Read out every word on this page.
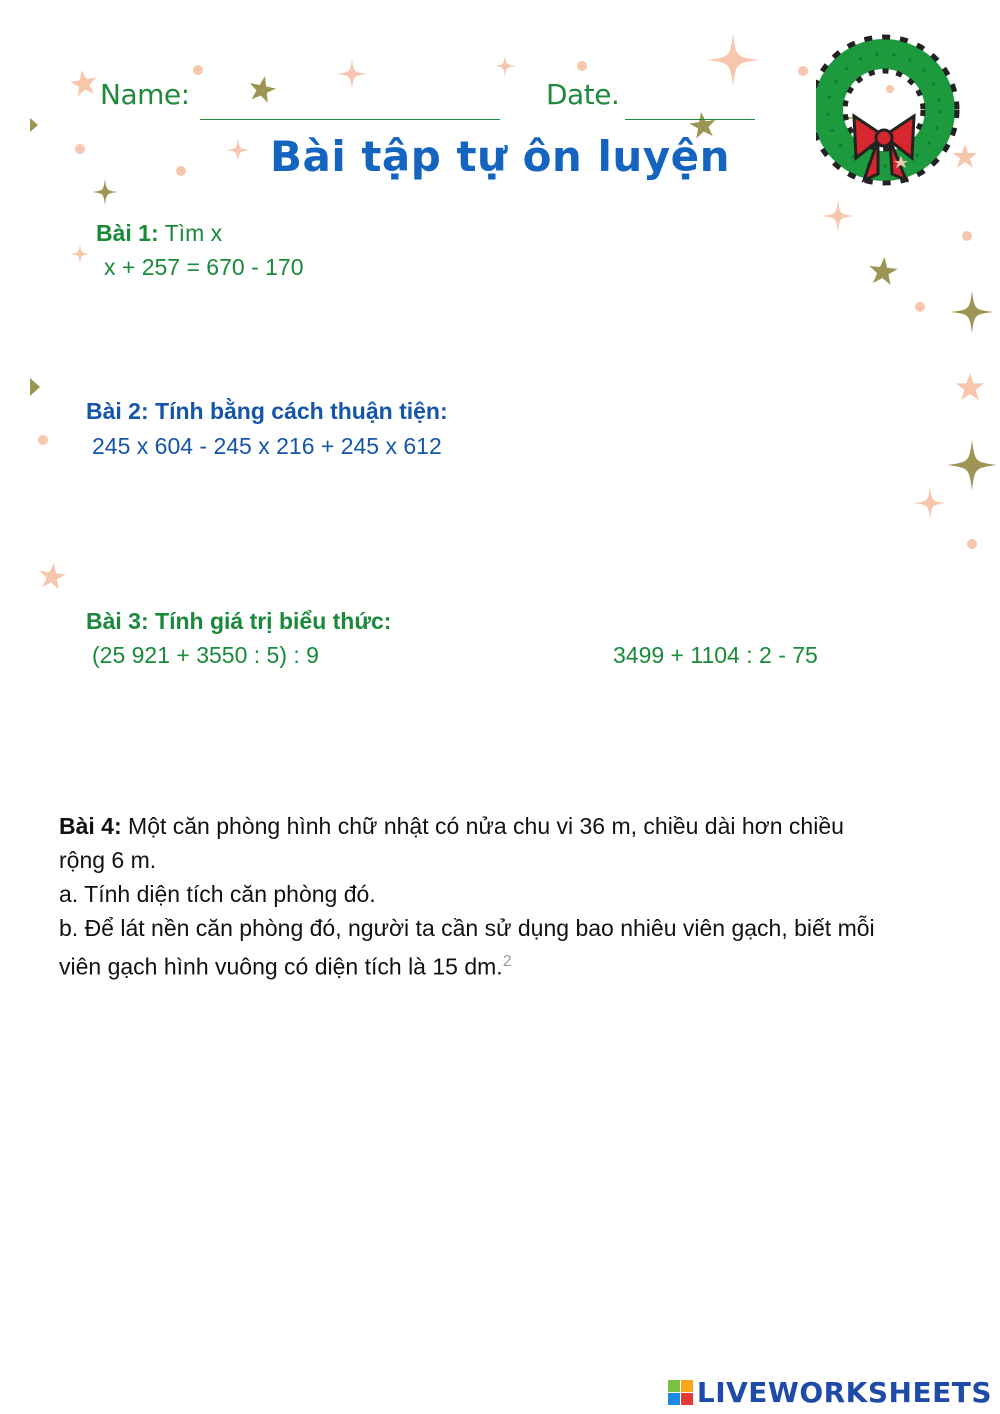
Name:	Date.
Bài tập tự ôn luyện
Bài 1: Tìm x
x + 257 = 670 - 170
Bài 2: Tính bằng cách thuận tiện:
245 x 604 - 245 x 216 + 245 x 612
Bài 3: Tính giá trị biểu thức:
(25 921 + 3550 : 5) : 9	3499 + 1104 : 2 - 75
Bài 4: Một căn phòng hình chữ nhật có nửa chu vi 36 m, chiều dài hơn chiều
rộng 6 m.
a. Tính diện tích căn phòng đó.
b. Để lát nền căn phòng đó, người ta cần sử dụng bao nhiêu viên gạch, biết mỗi
viên gạch hình vuông có diện tích là 15 dm.$^2$
LIVEWORKSHEETS
